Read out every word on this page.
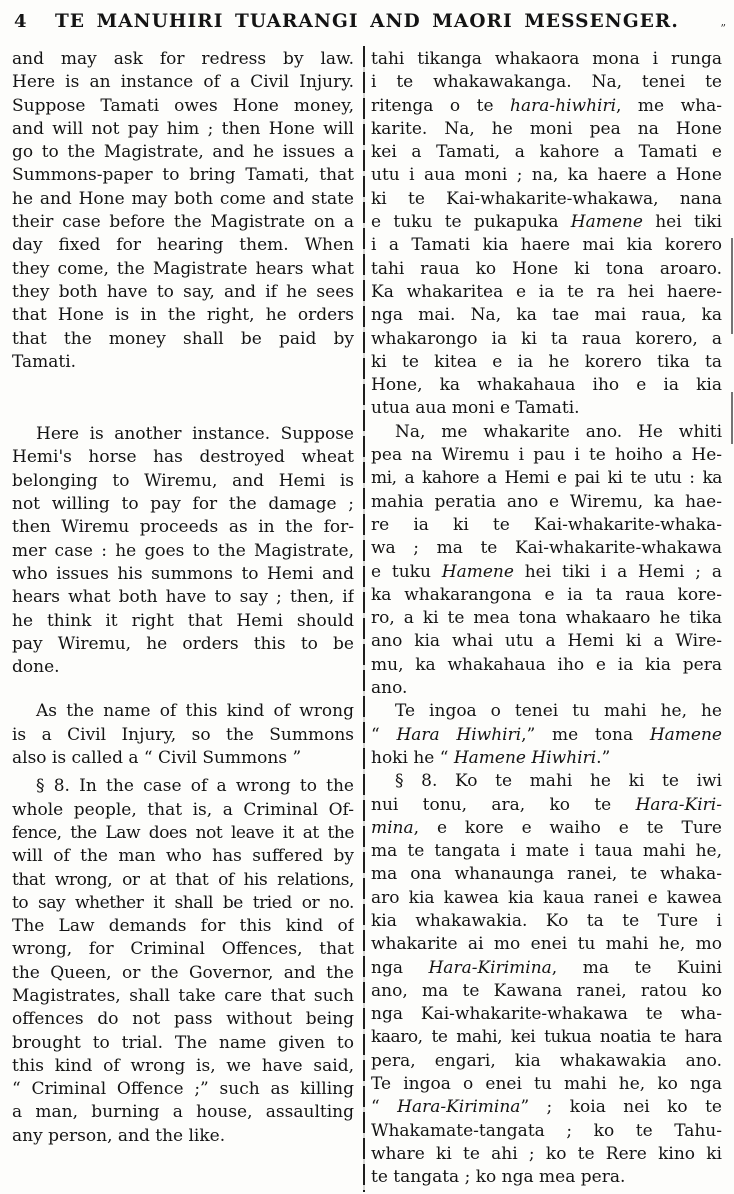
4	TE MANUHIRI TUARANGI AND MAORI MESSENGER.	”
and may ask for redress by law.
Here is an instance of a Civil Injury.
Suppose Tamati owes Hone money,
and will not pay him ; then Hone will
go to the Magistrate, and he issues a
Summons-paper to bring Tamati, that
he and Hone may both come and state
their case before the Magistrate on a
day fixed for hearing them. When
they come, the Magistrate hears what
they both have to say, and if he sees
that Hone is in the right, he orders
that the money shall be paid by
Tamati.
Here is another instance. Suppose
Hemi's horse has destroyed wheat
belonging to Wiremu, and Hemi is
not willing to pay for the damage ;
then Wiremu proceeds as in the for-
mer case : he goes to the Magistrate,
who issues his summons to Hemi and
hears what both have to say ; then, if
he think it right that Hemi should
pay Wiremu, he orders this to be
done.
As the name of this kind of wrong
is a Civil Injury, so the Summons
also is called a “ Civil Summons ”
§ 8. In the case of a wrong to the
whole people, that is, a Criminal Of-
fence, the Law does not leave it at the
will of the man who has suffered by
that wrong, or at that of his relations,
to say whether it shall be tried or no.
The Law demands for this kind of
wrong, for Criminal Offences, that
the Queen, or the Governor, and the
Magistrates, shall take care that such
offences do not pass without being
brought to trial. The name given to
this kind of wrong is, we have said,
“ Criminal Offence ;” such as killing
a man, burning a house, assaulting
any person, and the like.
tahi tikanga whakaora mona i runga
i te whakawakanga. Na, tenei te
ritenga o te hara-hiwhiri, me wha-
karite. Na, he moni pea na Hone
kei a Tamati, a kahore a Tamati e
utu i aua moni ; na, ka haere a Hone
ki te Kai-whakarite-whakawa, nana
e tuku te pukapuka Hamene hei tiki
i a Tamati kia haere mai kia korero
tahi raua ko Hone ki tona aroaro.
Ka whakaritea e ia te ra hei haere-
nga mai. Na, ka tae mai raua, ka
whakarongo ia ki ta raua korero, a
ki te kitea e ia he korero tika ta
Hone, ka whakahaua iho e ia kia
utua aua moni e Tamati.
Na, me whakarite ano. He whiti
pea na Wiremu i pau i te hoiho a He-
mi, a kahore a Hemi e pai ki te utu : ka
mahia peratia ano e Wiremu, ka hae-
re ia ki te Kai-whakarite-whaka-
wa ; ma te Kai-whakarite-whakawa
e tuku Hamene hei tiki i a Hemi ; a
ka whakarangona e ia ta raua kore-
ro, a ki te mea tona whakaaro he tika
ano kia whai utu a Hemi ki a Wire-
mu, ka whakahaua iho e ia kia pera
ano.
Te ingoa o tenei tu mahi he, he
“ Hara Hiwhiri,” me tona Hamene
hoki he “ Hamene Hiwhiri.”
§ 8. Ko te mahi he ki te iwi
nui tonu, ara, ko te Hara-Kiri-
mina, e kore e waiho e te Ture
ma te tangata i mate i taua mahi he,
ma ona whanaunga ranei, te whaka-
aro kia kawea kia kaua ranei e kawea
kia whakawakia. Ko ta te Ture i
whakarite ai mo enei tu mahi he, mo
nga Hara-Kirimina, ma te Kuini
ano, ma te Kawana ranei, ratou ko
nga Kai-whakarite-whakawa te wha-
kaaro, te mahi, kei tukua noatia te hara
pera, engari, kia whakawakia ano.
Te ingoa o enei tu mahi he, ko nga
“ Hara-Kirimina” ; koia nei ko te
Whakamate-tangata ; ko te Tahu-
whare ki te ahi ; ko te Rere kino ki
te tangata ; ko nga mea pera.
